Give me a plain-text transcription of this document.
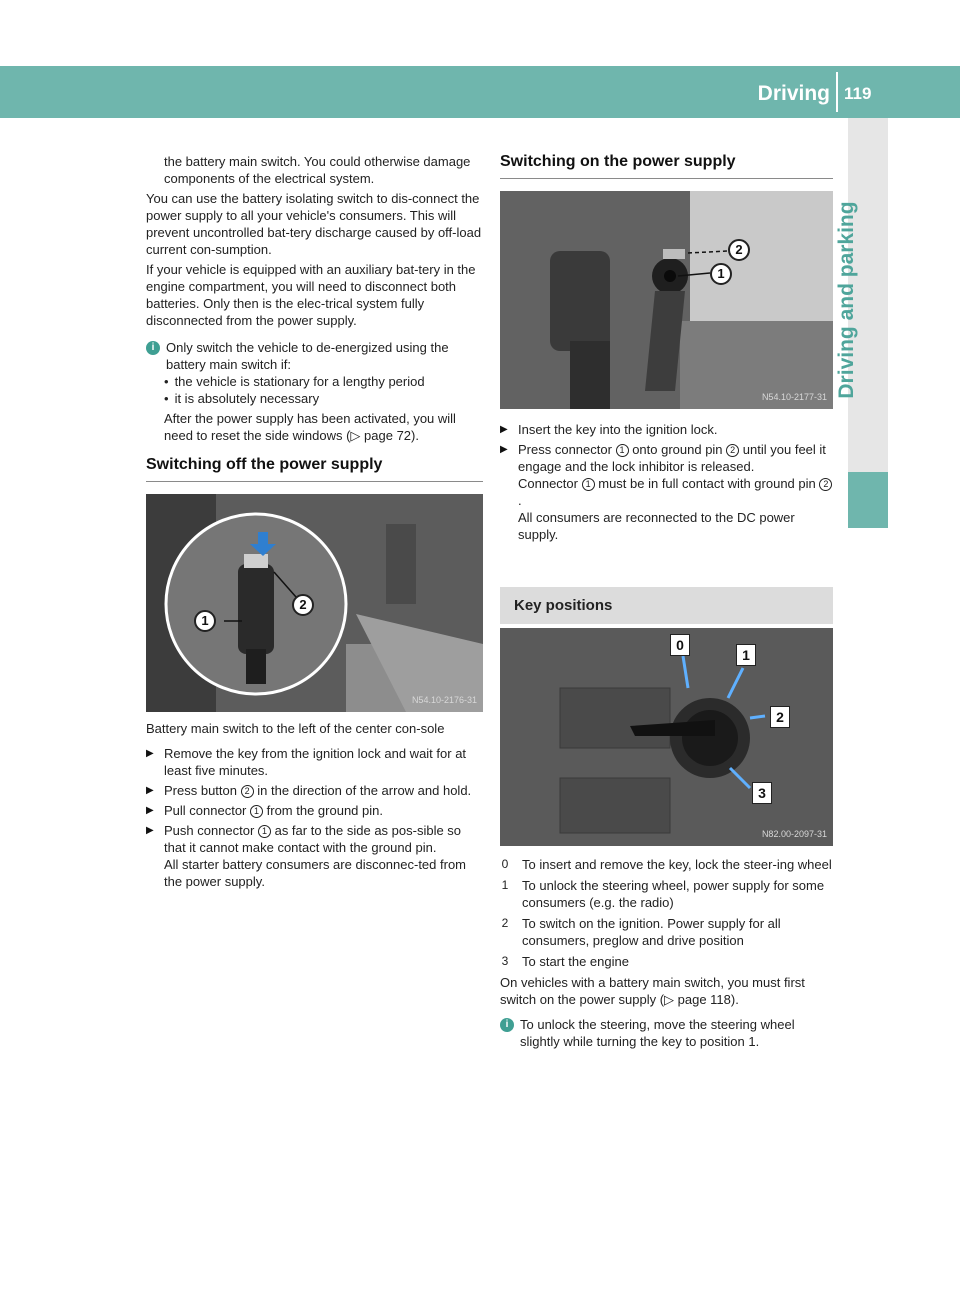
Driving 119
Driving and parking

the battery main switch. You could otherwise damage components of the electrical system.

You can use the battery isolating switch to dis-connect the power supply to all your vehicle's consumers. This will prevent uncontrolled bat-tery discharge caused by off-load current con-sumption.

If your vehicle is equipped with an auxiliary bat-tery in the engine compartment, you will need to disconnect both batteries. Only then is the elec-trical system fully disconnected from the power supply.

i Only switch the vehicle to de-energized using the battery main switch if:
• the vehicle is stationary for a lengthy period
• it is absolutely necessary

After the power supply has been activated, you will need to reset the side windows (▷ page 72).

Switching off the power supply
1
2
N54.10-2176-31

Battery main switch to the left of the center con-sole

▶ Remove the key from the ignition lock and wait for at least five minutes.
▶ Press button 2 in the direction of the arrow and hold.
▶ Pull connector 1 from the ground pin.
▶ Push connector 1 as far to the side as pos-sible so that it cannot make contact with the ground pin.

All starter battery consumers are disconnec-ted from the power supply.

Switching on the power supply
2
1
N54.10-2177-31
▶ Insert the key into the ignition lock.
▶ Press connector 1 onto ground pin 2 until you feel it engage and the lock inhibitor is released.

Connector 1 must be in full contact with ground pin 2.

All consumers are reconnected to the DC power supply.

Key positions
0
1
2
3
N82.00-2097-31
0 To insert and remove the key, lock the steer-ing wheel
1 To unlock the steering wheel, power supply for some consumers (e.g. the radio)
2 To switch on the ignition. Power supply for all consumers, preglow and drive position
3 To start the engine

On vehicles with a battery main switch, you must first switch on the power supply (▷ page 118).

i To unlock the steering, move the steering wheel slightly while turning the key to position 1.
